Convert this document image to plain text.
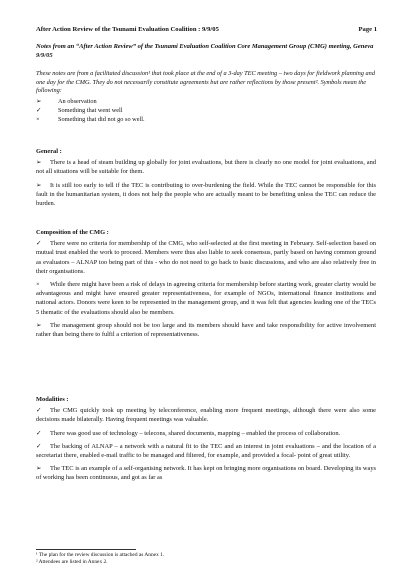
After Action Review of the Tsunami Evaluation Coalition : 9/9/05	Page 1
Notes from an “After Action Review” of the Tsunami Evaluation Coalition Core Management Group (CMG) meeting, Geneva 9/9/05
These notes are from a facilitated discussion¹ that took place at the end of a 3-day TEC meeting – two days for fieldwork planning and one day for the CMG. They do not necessarily constitute agreements but are rather reflections by those present². Symbols mean the following:
➢	An observation
✓	Something that went well
×	Something that did not go so well.
General :

➢ There is a head of steam building up globally for joint evaluations, but there is clearly no one model for joint evaluations, and not all situations will be suitable for them.

➢ It is still too early to tell if the TEC is contributing to over-burdening the field. While the TEC cannot be responsible for this fault in the humanitarian system, it does not help the people who are actually meant to be benefiting unless the TEC can reduce the burden.

Composition of the CMG :

✓ There were no criteria for membership of the CMG, who self-selected at the first meeting in February. Self-selection based on mutual trust enabled the work to proceed. Members were thus also liable to seek consensus, partly based on having common ground as evaluators – ALNAP too being part of this - who do not need to go back to basic discussions, and who are also relatively free in their organisations.

× While there might have been a risk of delays in agreeing criteria for membership before starting work, greater clarity would be advantageous and might have ensured greater representativeness, for example of NGOs, international finance institutions and national actors. Donors were keen to be represented in the management group, and it was felt that agencies leading one of the TECs 5 thematic of the evaluations should also be members.

➢ The management group should not be too large and its members should have and take responsibility for active involvement rather than being there to fulfil a criterion of representativeness.

Modalities :

✓ The CMG quickly took up meeting by teleconference, enabling more frequent meetings, although there were also some decisions made bilaterally. Having frequent meetings was valuable.

✓ There was good use of technology – telecons, shared documents, mapping – enabled the process of collaboration.

✓ The backing of ALNAP – a network with a natural fit to the TEC and an interest in joint evaluations – and the location of a secretariat there, enabled e-mail traffic to be managed and filtered, for example, and provided a focal- point of great utility.

➢ The TEC is an example of a self-organising network. It has kept on bringing more organisations on board. Developing its ways of working has been continuous, and got as far as

¹ The plan for the review discussion is attached as Annex 1.
² Attendees are listed in Annex 2.
